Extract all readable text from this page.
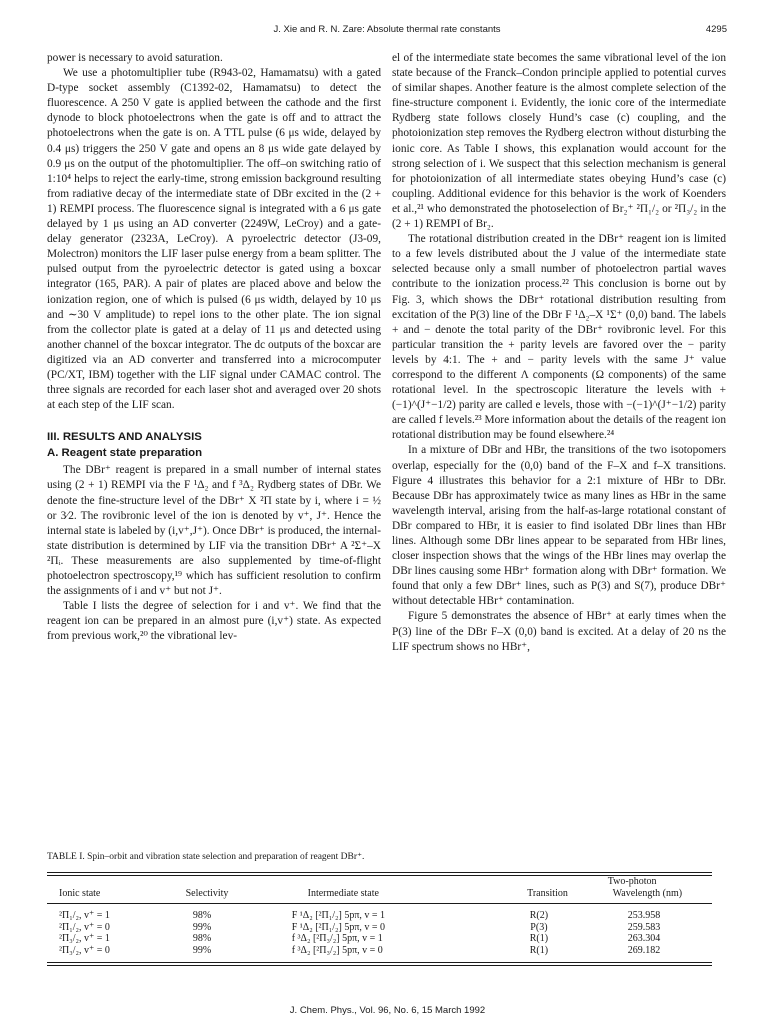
J. Xie and R. N. Zare: Absolute thermal rate constants	4295

power is necessary to avoid saturation.

We use a photomultiplier tube (R943-02, Hamamatsu) with a gated D-type socket assembly (C1392-02, Hamamatsu) to detect the fluorescence. A 250 V gate is applied between the cathode and the first dynode to block photoelectrons when the gate is off and to attract the photoelectrons when the gate is on. A TTL pulse (6 μs wide, delayed by 0.4 μs) triggers the 250 V gate and opens an 8 μs wide gate delayed by 0.9 μs on the output of the photomultiplier. The off–on switching ratio of 1:10⁴ helps to reject the early-time, strong emission background resulting from radiative decay of the intermediate state of DBr excited in the (2 + 1) REMPI process. The fluorescence signal is integrated with a 6 μs gate delayed by 1 μs using an AD converter (2249W, LeCroy) and a gate-delay generator (2323A, LeCroy). A pyroelectric detector (J3-09, Molectron) monitors the LIF laser pulse energy from a beam splitter. The pulsed output from the pyroelectric detector is gated using a boxcar integrator (165, PAR). A pair of plates are placed above and below the ionization region, one of which is pulsed (6 μs width, delayed by 10 μs and ∼30 V amplitude) to repel ions to the other plate. The ion signal from the collector plate is gated at a delay of 11 μs and detected using another channel of the boxcar integrator. The dc outputs of the boxcar are digitized via an AD converter and transferred into a microcomputer (PC/XT, IBM) together with the LIF signal under CAMAC control. The three signals are recorded for each laser shot and averaged over 20 shots at each step of the LIF scan.

III. RESULTS AND ANALYSIS
A. Reagent state preparation

The DBr⁺ reagent is prepared in a small number of internal states using (2 + 1) REMPI via the F ¹Δ₂ and f ³Δ₂ Rydberg states of DBr. We denote the fine-structure level of the DBr⁺ X ²Π state by i, where i = ½ or 3⁄2. The rovibronic level of the ion is denoted by v⁺, J⁺. Hence the internal state is labeled by (i,v⁺,J⁺). Once DBr⁺ is produced, the internal-state distribution is determined by LIF via the transition DBr⁺ A ²Σ⁺–X ²Πᵢ. These measurements are also supplemented by time-of-flight photoelectron spectroscopy,¹⁹ which has sufficient resolution to confirm the assignments of i and v⁺ but not J⁺.

Table I lists the degree of selection for i and v⁺. We find that the reagent ion can be prepared in an almost pure (i,v⁺) state. As expected from previous work,²⁰ the vibrational lev-

el of the intermediate state becomes the same vibrational level of the ion state because of the Franck–Condon principle applied to potential curves of similar shapes. Another feature is the almost complete selection of the fine-structure component i. Evidently, the ionic core of the intermediate Rydberg state follows closely Hund’s case (c) coupling, and the photoionization step removes the Rydberg electron without disturbing the ionic core. As Table I shows, this explanation would account for the strong selection of i. We suspect that this selection mechanism is general for photoionization of all intermediate states obeying Hund’s case (c) coupling. Additional evidence for this behavior is the work of Koenders et al.,²¹ who demonstrated the photoselection of Br₂⁺ ²Π₁/₂ or ²Π₃/₂ in the (2 + 1) REMPI of Br₂.

The rotational distribution created in the DBr⁺ reagent ion is limited to a few levels distributed about the J value of the intermediate state selected because only a small number of photoelectron partial waves contribute to the ionization process.²² This conclusion is borne out by Fig. 3, which shows the DBr⁺ rotational distribution resulting from excitation of the P(3) line of the DBr F ¹Δ₂–X ¹Σ⁺ (0,0) band. The labels + and − denote the total parity of the DBr⁺ rovibronic level. For this particular transition the + parity levels are favored over the − parity levels by 4:1. The + and − parity levels with the same J⁺ value correspond to the different Λ components (Ω components) of the same rotational level. In the spectroscopic literature the levels with +(−1)^(J⁺−1/2) parity are called e levels, those with −(−1)^(J⁺−1/2) parity are called f levels.²³ More information about the details of the reagent ion rotational distribution may be found elsewhere.²⁴

In a mixture of DBr and HBr, the transitions of the two isotopomers overlap, especially for the (0,0) band of the F–X and f–X transitions. Figure 4 illustrates this behavior for a 2:1 mixture of HBr to DBr. Because DBr has approximately twice as many lines as HBr in the same wavelength interval, arising from the half-as-large rotational constant of DBr compared to HBr, it is easier to find isolated DBr lines than HBr lines. Although some DBr lines appear to be separated from HBr lines, closer inspection shows that the wings of the HBr lines may overlap the DBr lines causing some HBr⁺ formation along with DBr⁺ formation. We found that only a few DBr⁺ lines, such as P(3) and S(7), produce DBr⁺ without detectable HBr⁺ contamination.

Figure 5 demonstrates the absence of HBr⁺ at early times when the P(3) line of the DBr F–X (0,0) band is excited. At a delay of 20 ns the LIF spectrum shows no HBr⁺,

TABLE I. Spin–orbit and vibration state selection and preparation of reagent DBr⁺.
			Two-photon	
Ionic state	Selectivity	Intermediate state	Transition	Wavelength (nm)
²Π₁/₂, v⁺ = 1	98%	F ¹Δ₂ [²Π₁/₂] 5pπ, v = 1	R(2)	253.958
²Π₁/₂, v⁺ = 0	99%	F ¹Δ₂ [²Π₁/₂] 5pπ, v = 0	P(3)	259.583
²Π₃/₂, v⁺ = 1	98%	f ³Δ₂ [²Π₃/₂] 5pπ, v = 1	R(1)	263.304
²Π₃/₂, v⁺ = 0	99%	f ³Δ₂ [²Π₃/₂] 5pπ, v = 0	R(1)	269.182
J. Chem. Phys., Vol. 96, No. 6, 15 March 1992
